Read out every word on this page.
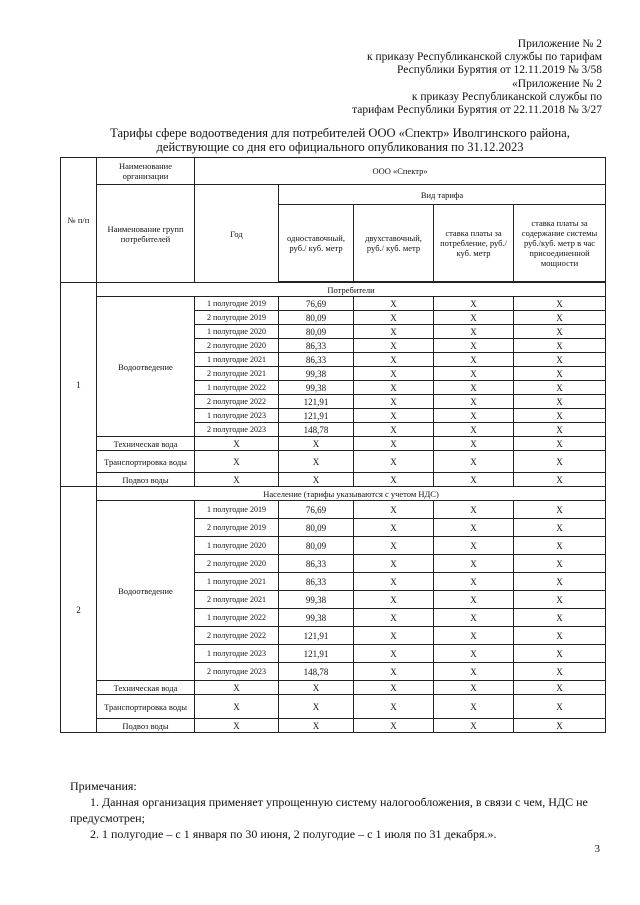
Приложение № 2
к приказу Республиканской службы по тарифам
Республики Бурятия от 12.11.2019 № 3/58
«Приложение № 2
к приказу Республиканской службы по
тарифам Республики Бурятия от 22.11.2018 № 3/27
Тарифы сфере водоотведения для потребителей ООО «Спектр» Иволгинского района,
действующие со дня его официального опубликования по 31.12.2023
№ п/п	Наименование организации	ООО «Спектр»				
	Наименование групп потребителей	Год	Вид тарифа			
			одноставочный, руб./ куб. метр	двухставочный, руб./ куб. метр	ставка платы за потребление, руб./ куб. метр	ставка платы за содержание системы руб./куб. метр в час присоединенной мощности

1	Потребители					
	Водоотведение	1 полугодие 2019	76,69	Х	Х	Х
		2 полугодие 2019	80,09	Х	Х	Х
		1 полугодие 2020	80,09	Х	Х	Х
		2 полугодие 2020	86,33	Х	Х	Х
		1 полугодие 2021	86,33	Х	Х	Х
		2 полугодие 2021	99,38	Х	Х	Х
		1 полугодие 2022	99,38	Х	Х	Х
		2 полугодие 2022	121,91	Х	Х	Х
		1 полугодие 2023	121,91	Х	Х	Х
		2 полугодие 2023	148,78	Х	Х	Х
	Техническая вода	Х	Х	Х	Х	Х
	Транспортировка воды	Х	Х	Х	Х	Х
	Подвоз воды	Х	Х	Х	Х	Х
2	Население (тарифы указываются с учетом НДС)					
	Водоотведение	1 полугодие 2019	76,69	Х	Х	Х
		2 полугодие 2019	80,09	Х	Х	Х
		1 полугодие 2020	80,09	Х	Х	Х
		2 полугодие 2020	86,33	Х	Х	Х
		1 полугодие 2021	86,33	Х	Х	Х
		2 полугодие 2021	99,38	Х	Х	Х
		1 полугодие 2022	99,38	Х	Х	Х
		2 полугодие 2022	121,91	Х	Х	Х
		1 полугодие 2023	121,91	Х	Х	Х
		2 полугодие 2023	148,78	Х	Х	Х
	Техническая вода	Х	Х	Х	Х	Х
	Транспортировка воды	Х	Х	Х	Х	Х
	Подвоз воды	Х	Х	Х	Х	Х
Примечания:
1. Данная организация применяет упрощенную систему налогообложения, в связи с чем, НДС не предусмотрен;
2. 1 полугодие – с 1 января по 30 июня, 2 полугодие – с 1 июля по 31 декабря.».
3
